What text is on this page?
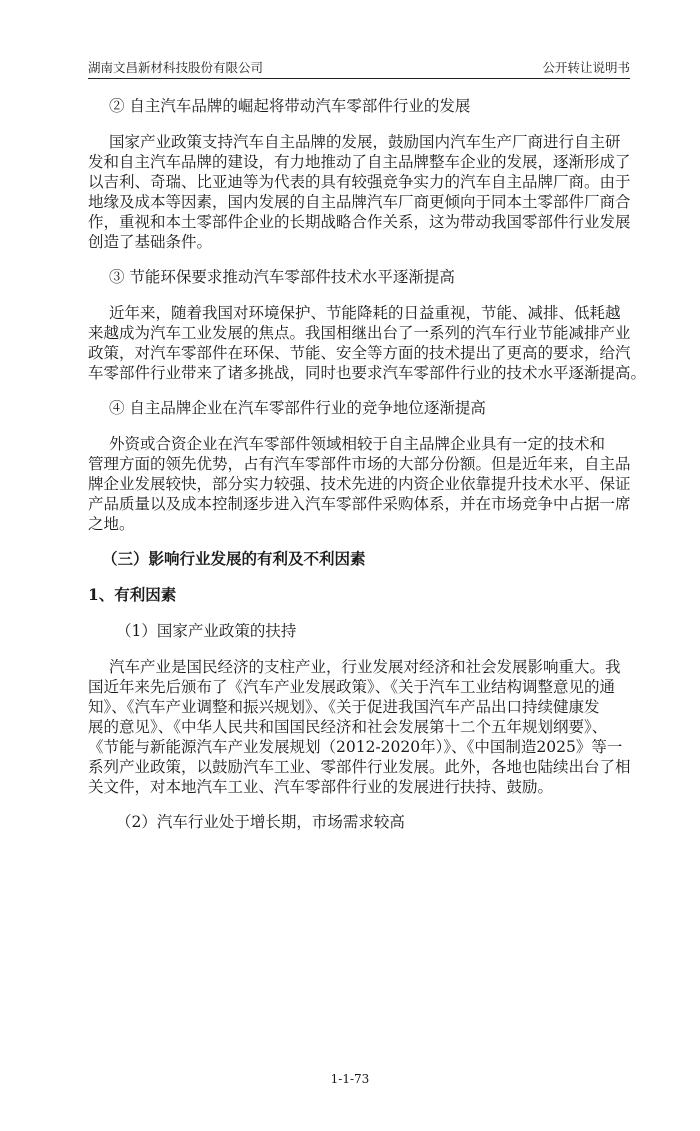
湖南文昌新材科技股份有限公司	公开转让说明书
② 自主汽车品牌的崛起将带动汽车零部件行业的发展
国家产业政策支持汽车自主品牌的发展，鼓励国内汽车生产厂商进行自主研
发和自主汽车品牌的建设，有力地推动了自主品牌整车企业的发展，逐渐形成了
以吉利、奇瑞、比亚迪等为代表的具有较强竞争实力的汽车自主品牌厂商。由于
地缘及成本等因素，国内发展的自主品牌汽车厂商更倾向于同本土零部件厂商合
作，重视和本土零部件企业的长期战略合作关系，这为带动我国零部件行业发展
创造了基础条件。
③ 节能环保要求推动汽车零部件技术水平逐渐提高
近年来，随着我国对环境保护、节能降耗的日益重视，节能、减排、低耗越
来越成为汽车工业发展的焦点。我国相继出台了一系列的汽车行业节能减排产业
政策，对汽车零部件在环保、节能、安全等方面的技术提出了更高的要求，给汽
车零部件行业带来了诸多挑战，同时也要求汽车零部件行业的技术水平逐渐提高。
④ 自主品牌企业在汽车零部件行业的竞争地位逐渐提高
外资或合资企业在汽车零部件领域相较于自主品牌企业具有一定的技术和
管理方面的领先优势，占有汽车零部件市场的大部分份额。但是近年来，自主品
牌企业发展较快，部分实力较强、技术先进的内资企业依靠提升技术水平、保证
产品质量以及成本控制逐步进入汽车零部件采购体系，并在市场竞争中占据一席
之地。
（三）影响行业发展的有利及不利因素
1、有利因素
（1）国家产业政策的扶持
汽车产业是国民经济的支柱产业，行业发展对经济和社会发展影响重大。我
国近年来先后颁布了《汽车产业发展政策》、《关于汽车工业结构调整意见的通
知》、《汽车产业调整和振兴规划》、《关于促进我国汽车产品出口持续健康发
展的意见》、《中华人民共和国国民经济和社会发展第十二个五年规划纲要》、
《节能与新能源汽车产业发展规划（2012-2020年）》、《中国制造2025》等一
系列产业政策，以鼓励汽车工业、零部件行业发展。此外，各地也陆续出台了相
关文件，对本地汽车工业、汽车零部件行业的发展进行扶持、鼓励。
（2）汽车行业处于增长期，市场需求较高
1-1-73
